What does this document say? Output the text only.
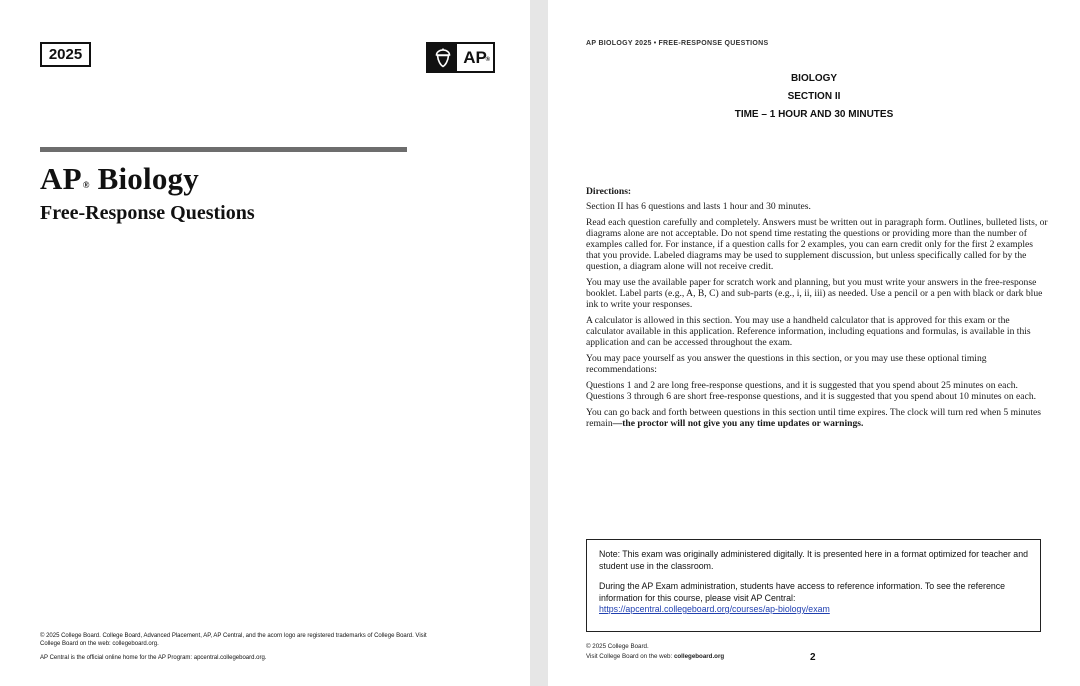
2025	AP
®
AP® Biology
Free-Response Questions

© 2025 College Board. College Board, Advanced Placement, AP, AP Central, and the acorn logo are registered trademarks of College Board. Visit College Board on the web: collegeboard.org.

AP Central is the official online home for the AP Program: apcentral.collegeboard.org.

AP BIOLOGY 2025 • FREE-RESPONSE QUESTIONS
BIOLOGY
SECTION II
TIME – 1 HOUR AND 30 MINUTES
Directions:

Section II has 6 questions and lasts 1 hour and 30 minutes.

Read each question carefully and completely. Answers must be written out in paragraph form. Outlines, bulleted lists, or diagrams alone are not acceptable. Do not spend time restating the questions or providing more than the number of examples called for. For instance, if a question calls for 2 examples, you can earn credit only for the first 2 examples that you provide. Labeled diagrams may be used to supplement discussion, but unless specifically called for by the question, a diagram alone will not receive credit.

You may use the available paper for scratch work and planning, but you must write your answers in the free-response booklet. Label parts (e.g., A, B, C) and sub-parts (e.g., i, ii, iii) as needed. Use a pencil or a pen with black or dark blue ink to write your responses.

A calculator is allowed in this section. You may use a handheld calculator that is approved for this exam or the calculator available in this application. Reference information, including equations and formulas, is available in this application and can be accessed throughout the exam.

You may pace yourself as you answer the questions in this section, or you may use these optional timing recommendations:

Questions 1 and 2 are long free-response questions, and it is suggested that you spend about 25 minutes on each. Questions 3 through 6 are short free-response questions, and it is suggested that you spend about 10 minutes on each.

You can go back and forth between questions in this section until time expires. The clock will turn red when 5 minutes remain—the proctor will not give you any time updates or warnings.

Note: This exam was originally administered digitally. It is presented here in a format optimized for teacher and student use in the classroom.

During the AP Exam administration, students have access to reference information. To see the reference information for this course, please visit AP Central:
https://apcentral.collegeboard.org/courses/ap-biology/exam

© 2025 College Board.
Visit College Board on the web: collegeboard.org	2
